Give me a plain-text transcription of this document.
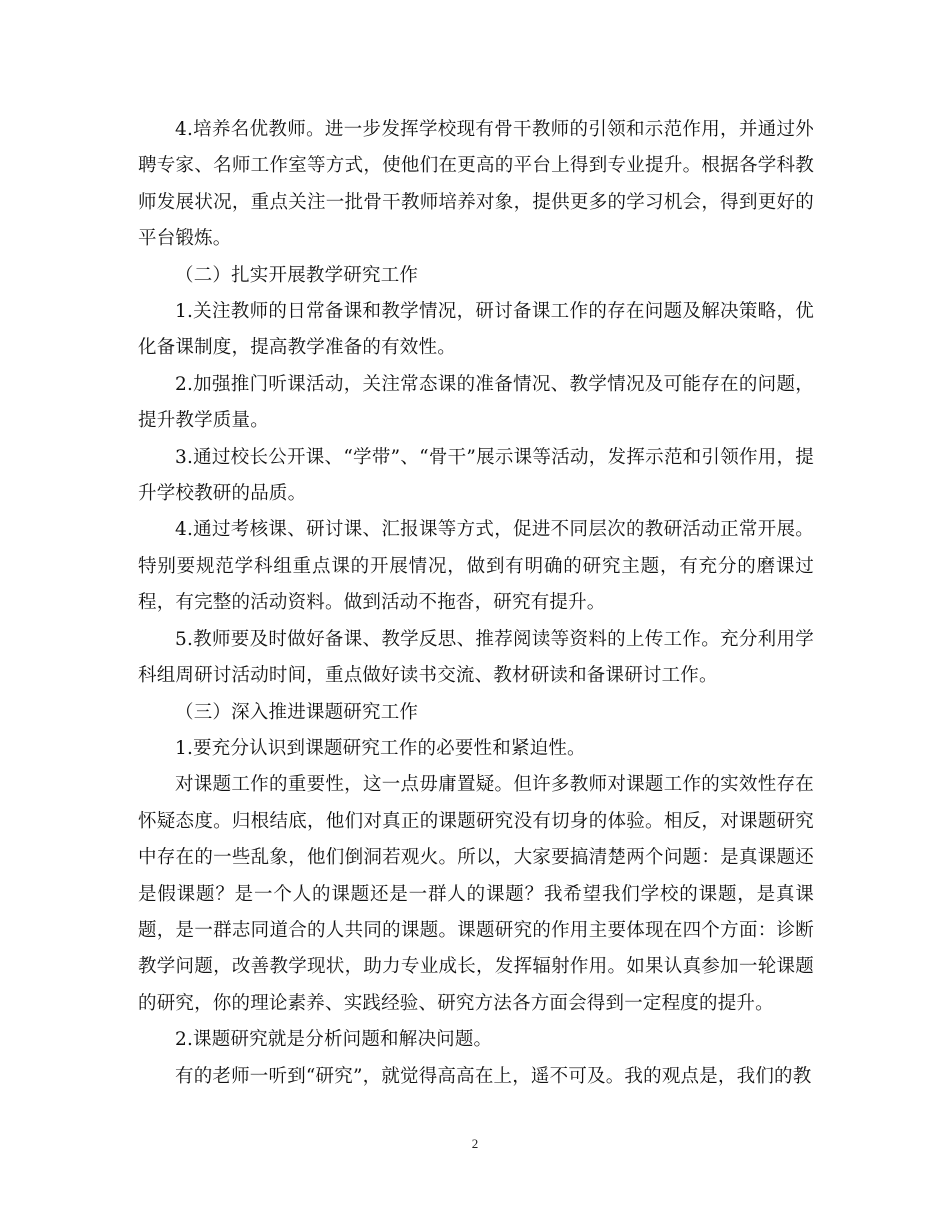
4.培养名优教师。进一步发挥学校现有骨干教师的引领和示范作用，并通过外聘专家、名师工作室等方式，使他们在更高的平台上得到专业提升。根据各学科教师发展状况，重点关注一批骨干教师培养对象，提供更多的学习机会，得到更好的平台锻炼。

（二）扎实开展教学研究工作

1.关注教师的日常备课和教学情况，研讨备课工作的存在问题及解决策略，优化备课制度，提高教学准备的有效性。

2.加强推门听课活动，关注常态课的准备情况、教学情况及可能存在的问题，提升教学质量。

3.通过校长公开课、“学带”、“骨干”展示课等活动，发挥示范和引领作用，提升学校教研的品质。

4.通过考核课、研讨课、汇报课等方式，促进不同层次的教研活动正常开展。特别要规范学科组重点课的开展情况，做到有明确的研究主题，有充分的磨课过程，有完整的活动资料。做到活动不拖沓，研究有提升。

5.教师要及时做好备课、教学反思、推荐阅读等资料的上传工作。充分利用学科组周研讨活动时间，重点做好读书交流、教材研读和备课研讨工作。

（三）深入推进课题研究工作

1.要充分认识到课题研究工作的必要性和紧迫性。

对课题工作的重要性，这一点毋庸置疑。但许多教师对课题工作的实效性存在怀疑态度。归根结底，他们对真正的课题研究没有切身的体验。相反，对课题研究中存在的一些乱象，他们倒洞若观火。所以，大家要搞清楚两个问题：是真课题还是假课题？是一个人的课题还是一群人的课题？我希望我们学校的课题，是真课题，是一群志同道合的人共同的课题。课题研究的作用主要体现在四个方面：诊断教学问题，改善教学现状，助力专业成长，发挥辐射作用。如果认真参加一轮课题的研究，你的理论素养、实践经验、研究方法各方面会得到一定程度的提升。

2.课题研究就是分析问题和解决问题。

有的老师一听到“研究”，就觉得高高在上，遥不可及。我的观点是，我们的教

2
